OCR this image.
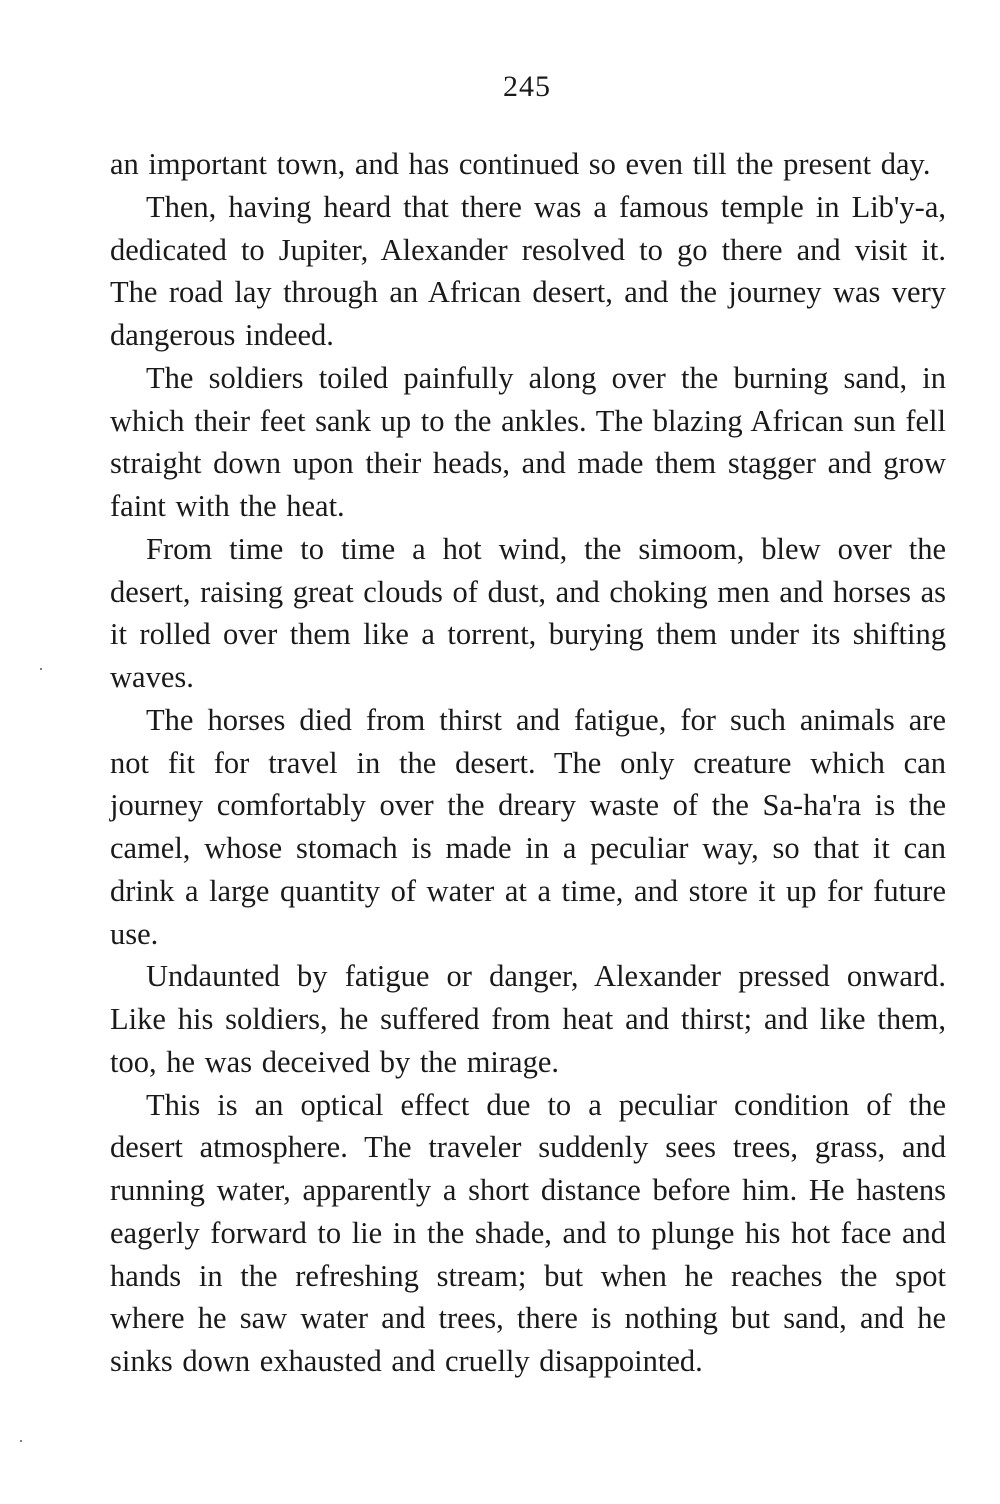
245

an important town, and has continued so even till the present day.

Then, having heard that there was a famous temple in Lib'y-a, dedicated to Jupiter, Alexander resolved to go there and visit it. The road lay through an African desert, and the journey was very dangerous indeed.

The soldiers toiled painfully along over the burning sand, in which their feet sank up to the ankles. The blazing African sun fell straight down upon their heads, and made them stagger and grow faint with the heat.

From time to time a hot wind, the simoom, blew over the desert, raising great clouds of dust, and choking men and horses as it rolled over them like a torrent, burying them under its shifting waves.

The horses died from thirst and fatigue, for such animals are not fit for travel in the desert. The only creature which can journey comfortably over the dreary waste of the Sa-ha'ra is the camel, whose stomach is made in a peculiar way, so that it can drink a large quantity of water at a time, and store it up for future use.

Undaunted by fatigue or danger, Alexander pressed onward. Like his soldiers, he suffered from heat and thirst; and like them, too, he was deceived by the mirage.

This is an optical effect due to a peculiar condition of the desert atmosphere. The traveler suddenly sees trees, grass, and running water, apparently a short distance before him. He hastens eagerly forward to lie in the shade, and to plunge his hot face and hands in the refreshing stream; but when he reaches the spot where he saw water and trees, there is nothing but sand, and he sinks down exhausted and cruelly disappointed.
